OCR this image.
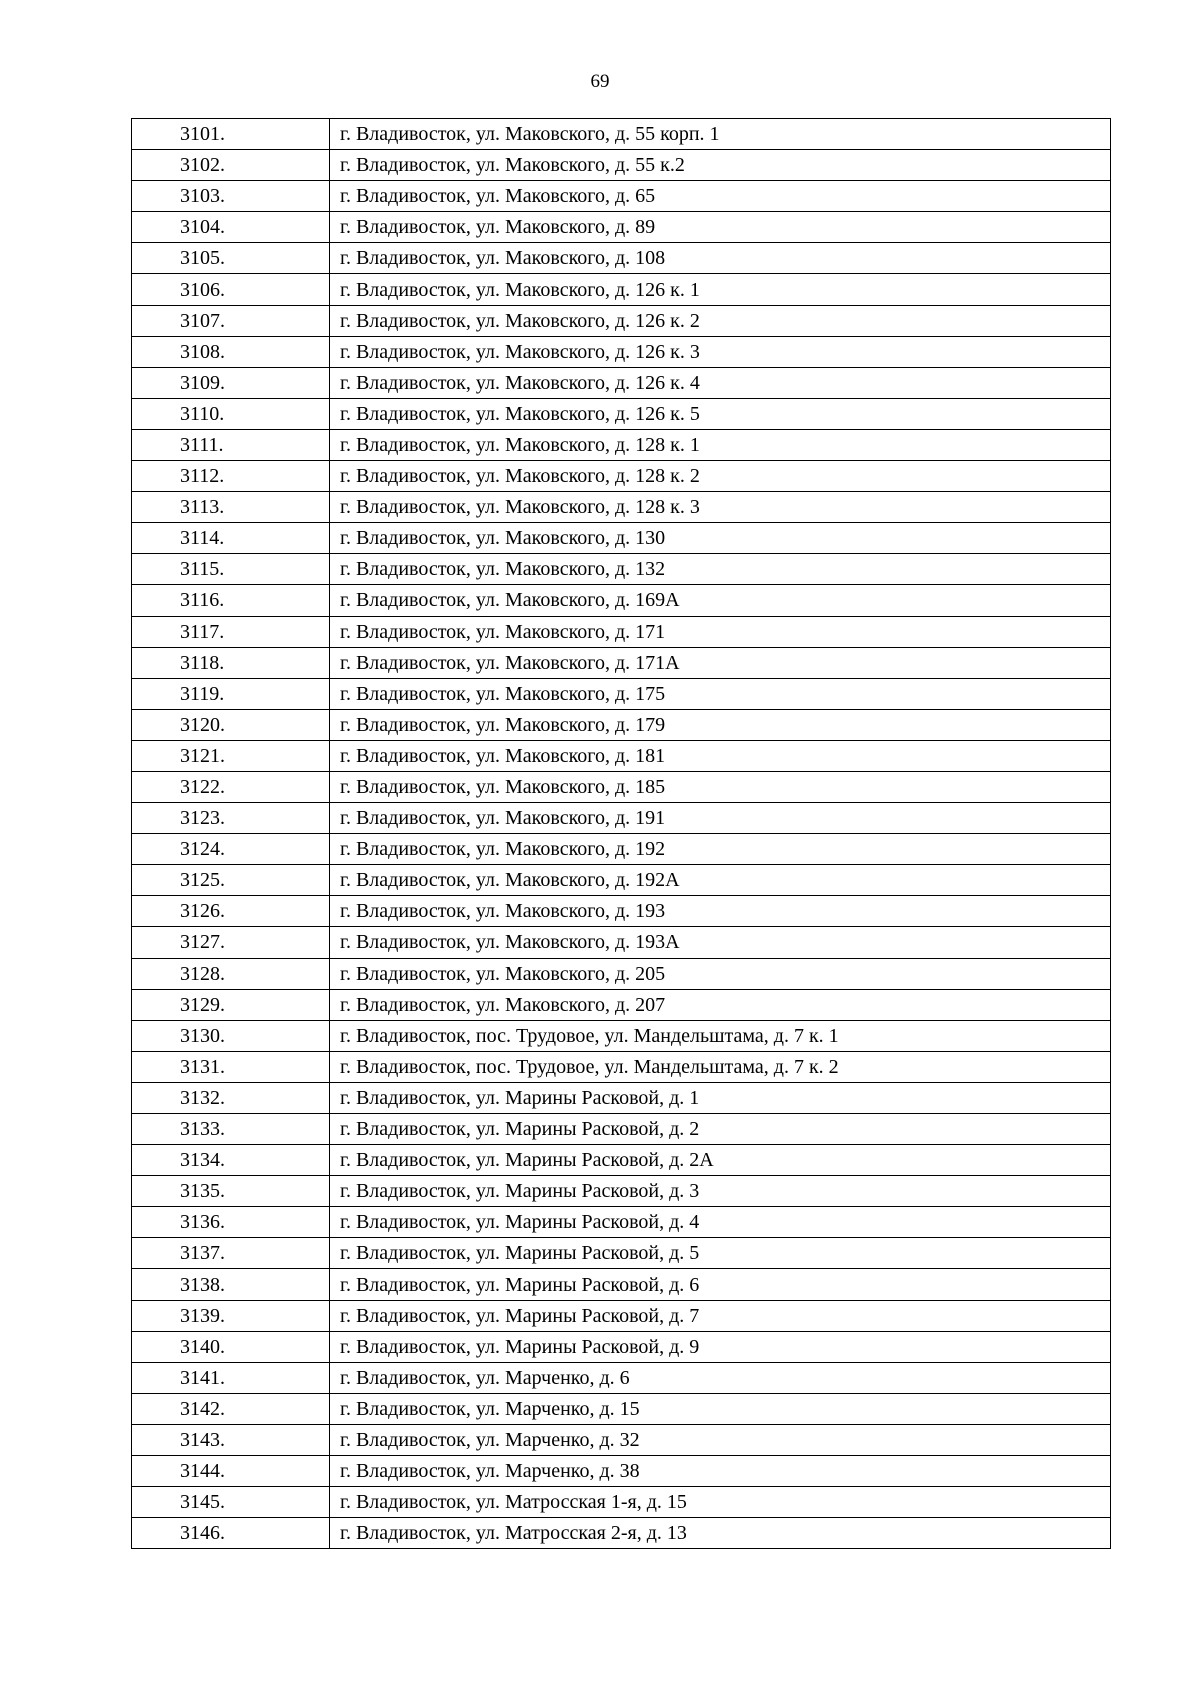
69
3101.	г. Владивосток, ул. Маковского, д. 55 корп. 1
3102.	г. Владивосток, ул. Маковского, д. 55 к.2
3103.	г. Владивосток, ул. Маковского, д. 65
3104.	г. Владивосток, ул. Маковского, д. 89
3105.	г. Владивосток, ул. Маковского, д. 108
3106.	г. Владивосток, ул. Маковского, д. 126 к. 1
3107.	г. Владивосток, ул. Маковского, д. 126 к. 2
3108.	г. Владивосток, ул. Маковского, д. 126 к. 3
3109.	г. Владивосток, ул. Маковского, д. 126 к. 4
3110.	г. Владивосток, ул. Маковского, д. 126 к. 5
3111.	г. Владивосток, ул. Маковского, д. 128 к. 1
3112.	г. Владивосток, ул. Маковского, д. 128 к. 2
3113.	г. Владивосток, ул. Маковского, д. 128 к. 3
3114.	г. Владивосток, ул. Маковского, д. 130
3115.	г. Владивосток, ул. Маковского, д. 132
3116.	г. Владивосток, ул. Маковского, д. 169А
3117.	г. Владивосток, ул. Маковского, д. 171
3118.	г. Владивосток, ул. Маковского, д. 171А
3119.	г. Владивосток, ул. Маковского, д. 175
3120.	г. Владивосток, ул. Маковского, д. 179
3121.	г. Владивосток, ул. Маковского, д. 181
3122.	г. Владивосток, ул. Маковского, д. 185
3123.	г. Владивосток, ул. Маковского, д. 191
3124.	г. Владивосток, ул. Маковского, д. 192
3125.	г. Владивосток, ул. Маковского, д. 192А
3126.	г. Владивосток, ул. Маковского, д. 193
3127.	г. Владивосток, ул. Маковского, д. 193А
3128.	г. Владивосток, ул. Маковского, д. 205
3129.	г. Владивосток, ул. Маковского, д. 207
3130.	г. Владивосток, пос. Трудовое, ул. Мандельштама, д. 7 к. 1
3131.	г. Владивосток, пос. Трудовое, ул. Мандельштама, д. 7 к. 2
3132.	г. Владивосток, ул. Марины Расковой, д. 1
3133.	г. Владивосток, ул. Марины Расковой, д. 2
3134.	г. Владивосток, ул. Марины Расковой, д. 2А
3135.	г. Владивосток, ул. Марины Расковой, д. 3
3136.	г. Владивосток, ул. Марины Расковой, д. 4
3137.	г. Владивосток, ул. Марины Расковой, д. 5
3138.	г. Владивосток, ул. Марины Расковой, д. 6
3139.	г. Владивосток, ул. Марины Расковой, д. 7
3140.	г. Владивосток, ул. Марины Расковой, д. 9
3141.	г. Владивосток, ул. Марченко, д. 6
3142.	г. Владивосток, ул. Марченко, д. 15
3143.	г. Владивосток, ул. Марченко, д. 32
3144.	г. Владивосток, ул. Марченко, д. 38
3145.	г. Владивосток, ул. Матросская 1-я, д. 15
3146.	г. Владивосток, ул. Матросская 2-я, д. 13
